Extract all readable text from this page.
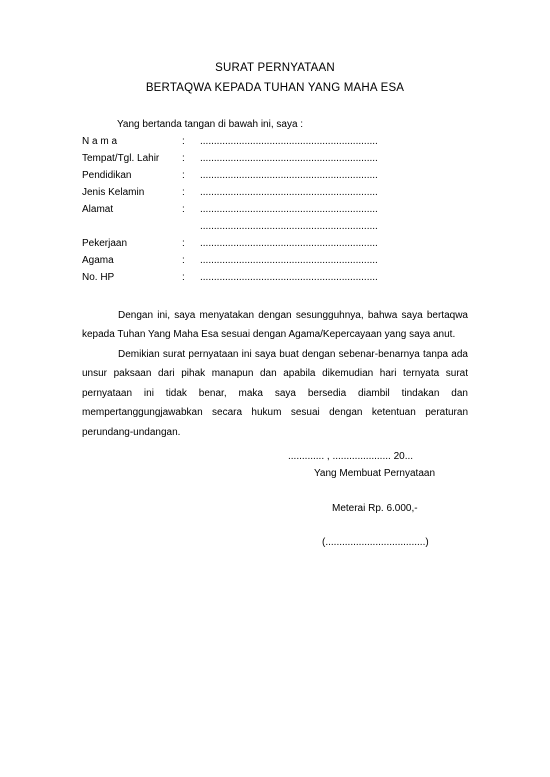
SURAT PERNYATAAN
BERTAQWA KEPADA TUHAN YANG MAHA ESA
Yang bertanda tangan di bawah ini, saya :
N a m a	: ................................................................
Tempat/Tgl. Lahir : ................................................................
Pendidikan	: ................................................................
Jenis Kelamin	: ................................................................
Alamat	: ................................................................
................................................................
Pekerjaan	: ................................................................
Agama	: ................................................................
No. HP	: ................................................................
Dengan ini, saya menyatakan dengan sesungguhnya, bahwa saya bertaqwa kepada Tuhan Yang Maha Esa sesuai dengan Agama/Kepercayaan yang saya anut.
Demikian surat pernyataan ini saya buat dengan sebenar-benarnya tanpa ada unsur paksaan dari pihak manapun dan apabila dikemudian hari ternyata surat pernyataan ini tidak benar, maka saya bersedia diambil tindakan dan mempertanggungjawabkan secara hukum sesuai dengan ketentuan peraturan perundang-undangan.
............. , ..................... 20...
Yang Membuat Pernyataan
Meterai Rp. 6.000,-
(....................................)
